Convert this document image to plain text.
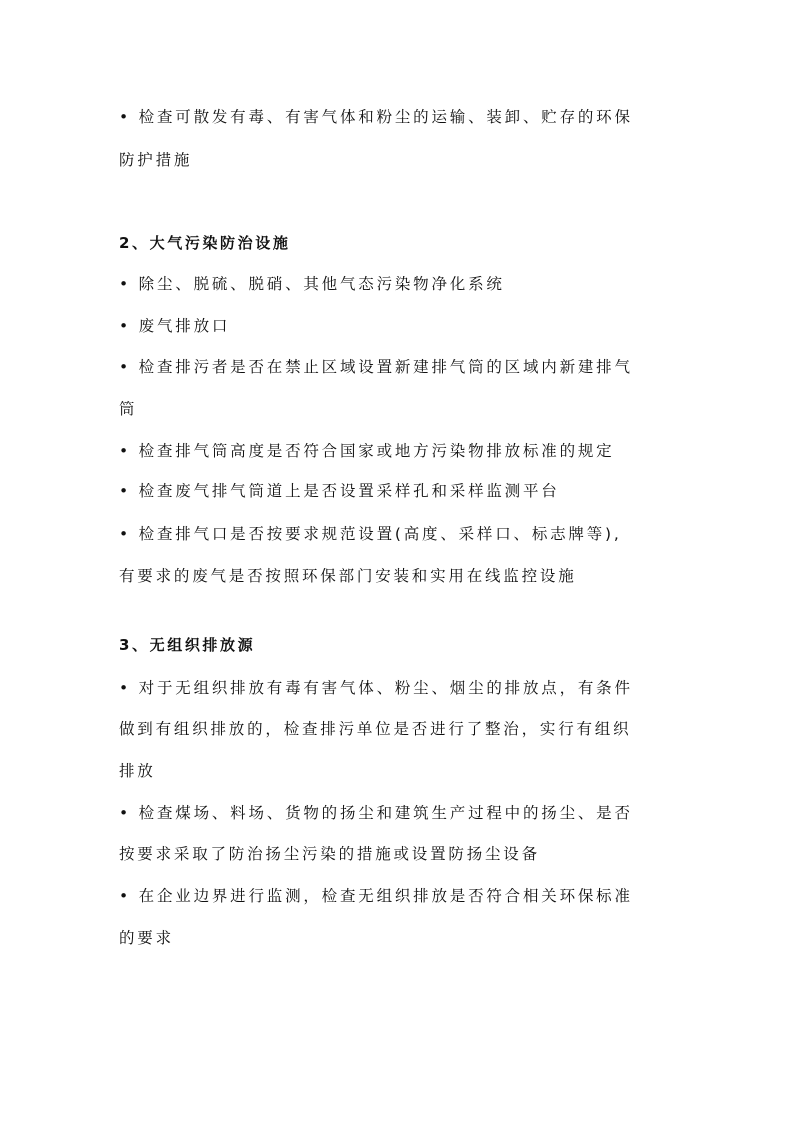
• 检查可散发有毒、有害气体和粉尘的运输、装卸、贮存的环保
防护措施
2、大气污染防治设施
• 除尘、脱硫、脱硝、其他气态污染物净化系统
• 废气排放口
• 检查排污者是否在禁止区域设置新建排气筒的区域内新建排气
筒
• 检查排气筒高度是否符合国家或地方污染物排放标准的规定
• 检查废气排气筒道上是否设置采样孔和采样监测平台
• 检查排气口是否按要求规范设置(高度、采样口、标志牌等),
有要求的废气是否按照环保部门安装和实用在线监控设施
3、无组织排放源
• 对于无组织排放有毒有害气体、粉尘、烟尘的排放点，有条件
做到有组织排放的，检查排污单位是否进行了整治，实行有组织
排放
• 检查煤场、料场、货物的扬尘和建筑生产过程中的扬尘、是否
按要求采取了防治扬尘污染的措施或设置防扬尘设备
• 在企业边界进行监测，检查无组织排放是否符合相关环保标准
的要求
